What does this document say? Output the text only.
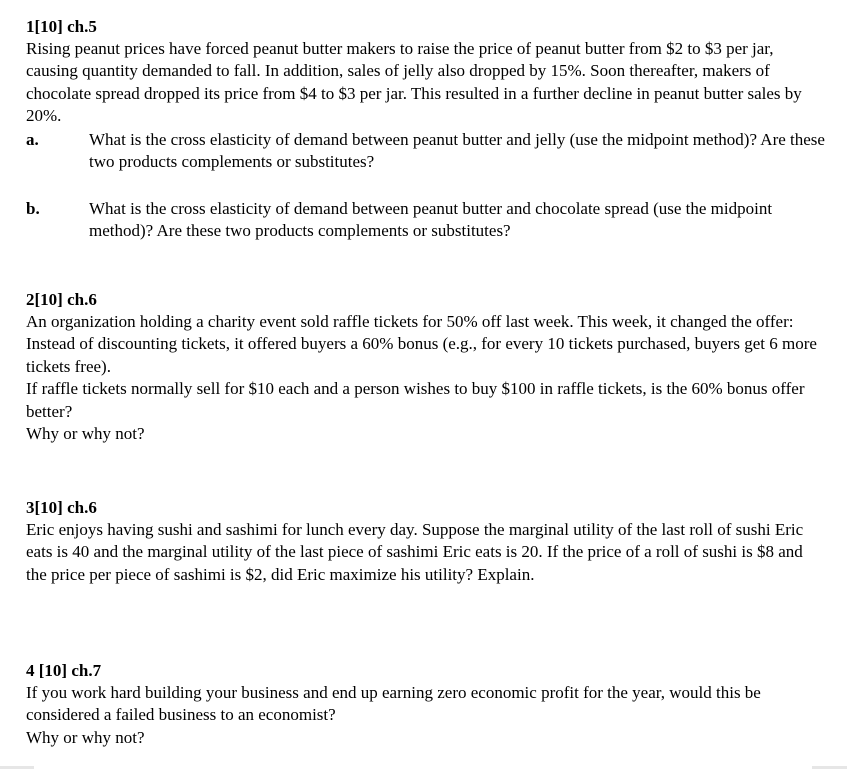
1[10] ch.5

Rising peanut prices have forced peanut butter makers to raise the price of peanut butter from $2 to $3 per jar, causing quantity demanded to fall. In addition, sales of jelly also dropped by 15%. Soon thereafter, makers of chocolate spread dropped its price from $4 to $3 per jar. This resulted in a further decline in peanut butter sales by 20%.

a.	What is the cross elasticity of demand between peanut butter and jelly (use the midpoint method)? Are these two products complements or substitutes?
b.	What is the cross elasticity of demand between peanut butter and chocolate spread (use the midpoint method)? Are these two products complements or substitutes?
2[10] ch.6

An organization holding a charity event sold raffle tickets for 50% off last week. This week, it changed the offer: Instead of discounting tickets, it offered buyers a 60% bonus (e.g., for every 10 tickets purchased, buyers get 6 more tickets free).

If raffle tickets normally sell for $10 each and a person wishes to buy $100 in raffle tickets, is the 60% bonus offer better?

Why or why not?

3[10] ch.6

Eric enjoys having sushi and sashimi for lunch every day. Suppose the marginal utility of the last roll of sushi Eric eats is 40 and the marginal utility of the last piece of sashimi Eric eats is 20. If the price of a roll of sushi is $8 and the price per piece of sashimi is $2, did Eric maximize his utility? Explain.

4 [10] ch.7

If you work hard building your business and end up earning zero economic profit for the year, would this be considered a failed business to an economist?

Why or why not?
